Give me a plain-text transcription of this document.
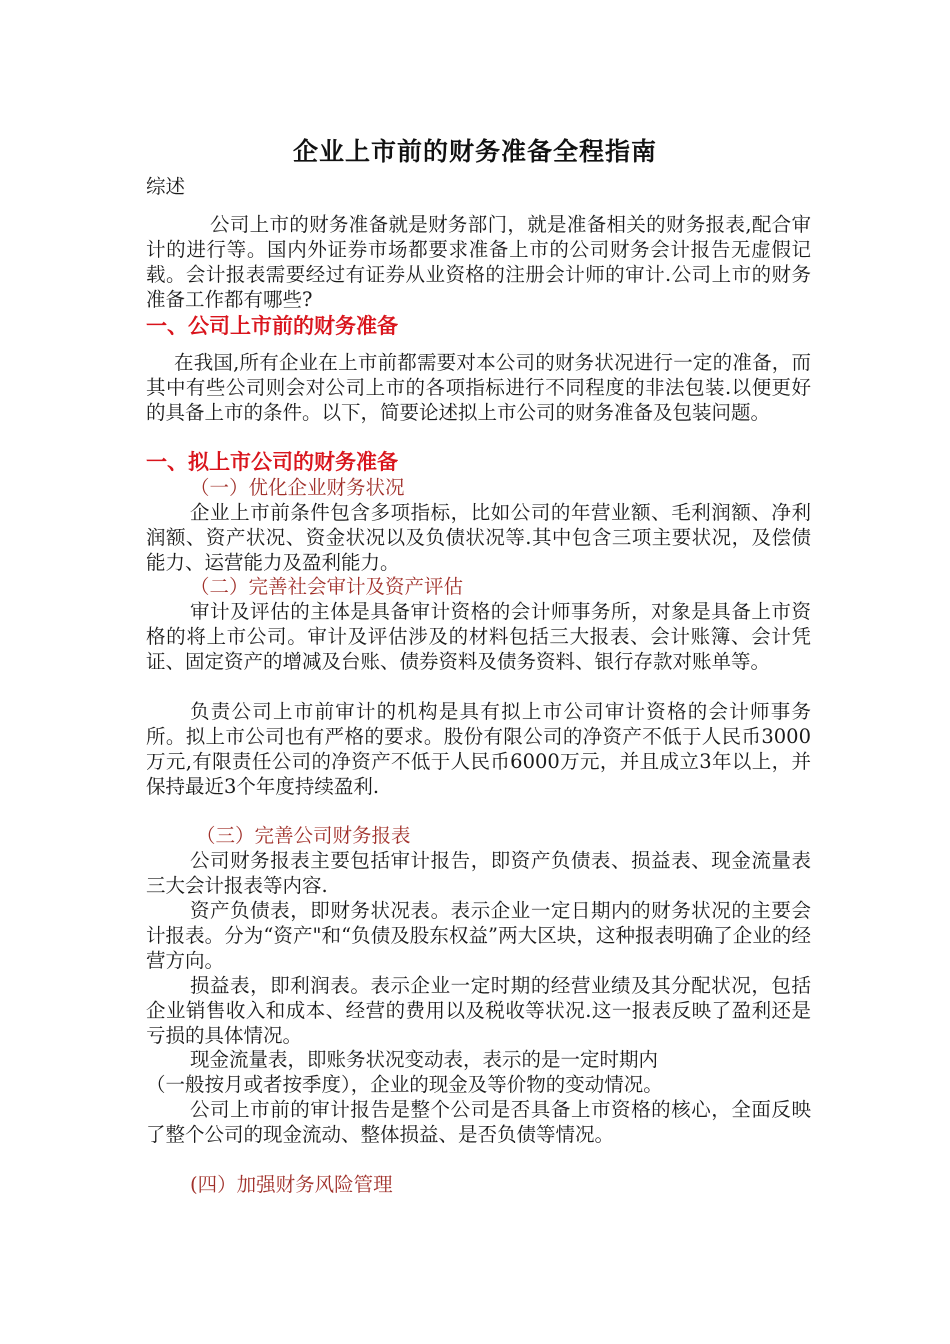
企业上市前的财务准备全程指南
综述

公司上市的财务准备就是财务部门，就是准备相关的财务报表,配合审计的进行等。国内外证券市场都要求准备上市的公司财务会计报告无虚假记载。会计报表需要经过有证券从业资格的注册会计师的审计.公司上市的财务准备工作都有哪些?

一、公司上市前的财务准备

在我国,所有企业在上市前都需要对本公司的财务状况进行一定的准备，而其中有些公司则会对公司上市的各项指标进行不同程度的非法包装.以便更好的具备上市的条件。以下，简要论述拟上市公司的财务准备及包装问题。

一、拟上市公司的财务准备
（一）优化企业财务状况

企业上市前条件包含多项指标，比如公司的年营业额、毛利润额、净利润额、资产状况、资金状况以及负债状况等.其中包含三项主要状况，及偿债能力、运营能力及盈利能力。

（二）完善社会审计及资产评估

审计及评估的主体是具备审计资格的会计师事务所，对象是具备上市资格的将上市公司。审计及评估涉及的材料包括三大报表、会计账簿、会计凭证、固定资产的增减及台账、债券资料及债务资料、银行存款对账单等。

负责公司上市前审计的机构是具有拟上市公司审计资格的会计师事务所。拟上市公司也有严格的要求。股份有限公司的净资产不低于人民币3000万元,有限责任公司的净资产不低于人民币6000万元，并且成立3年以上，并保持最近3个年度持续盈利.

（三）完善公司财务报表

公司财务报表主要包括审计报告，即资产负债表、损益表、现金流量表三大会计报表等内容.

资产负债表，即财务状况表。表示企业一定日期内的财务状况的主要会计报表。分为“资产"和“负债及股东权益”两大区块，这种报表明确了企业的经营方向。

损益表，即利润表。表示企业一定时期的经营业绩及其分配状况，包括企业销售收入和成本、经营的费用以及税收等状况.这一报表反映了盈利还是亏损的具体情况。

现金流量表，即账务状况变动表，表示的是一定时期内
（一般按月或者按季度），企业的现金及等价物的变动情况。

公司上市前的审计报告是整个公司是否具备上市资格的核心，全面反映了整个公司的现金流动、整体损益、是否负债等情况。

(四）加强财务风险管理
